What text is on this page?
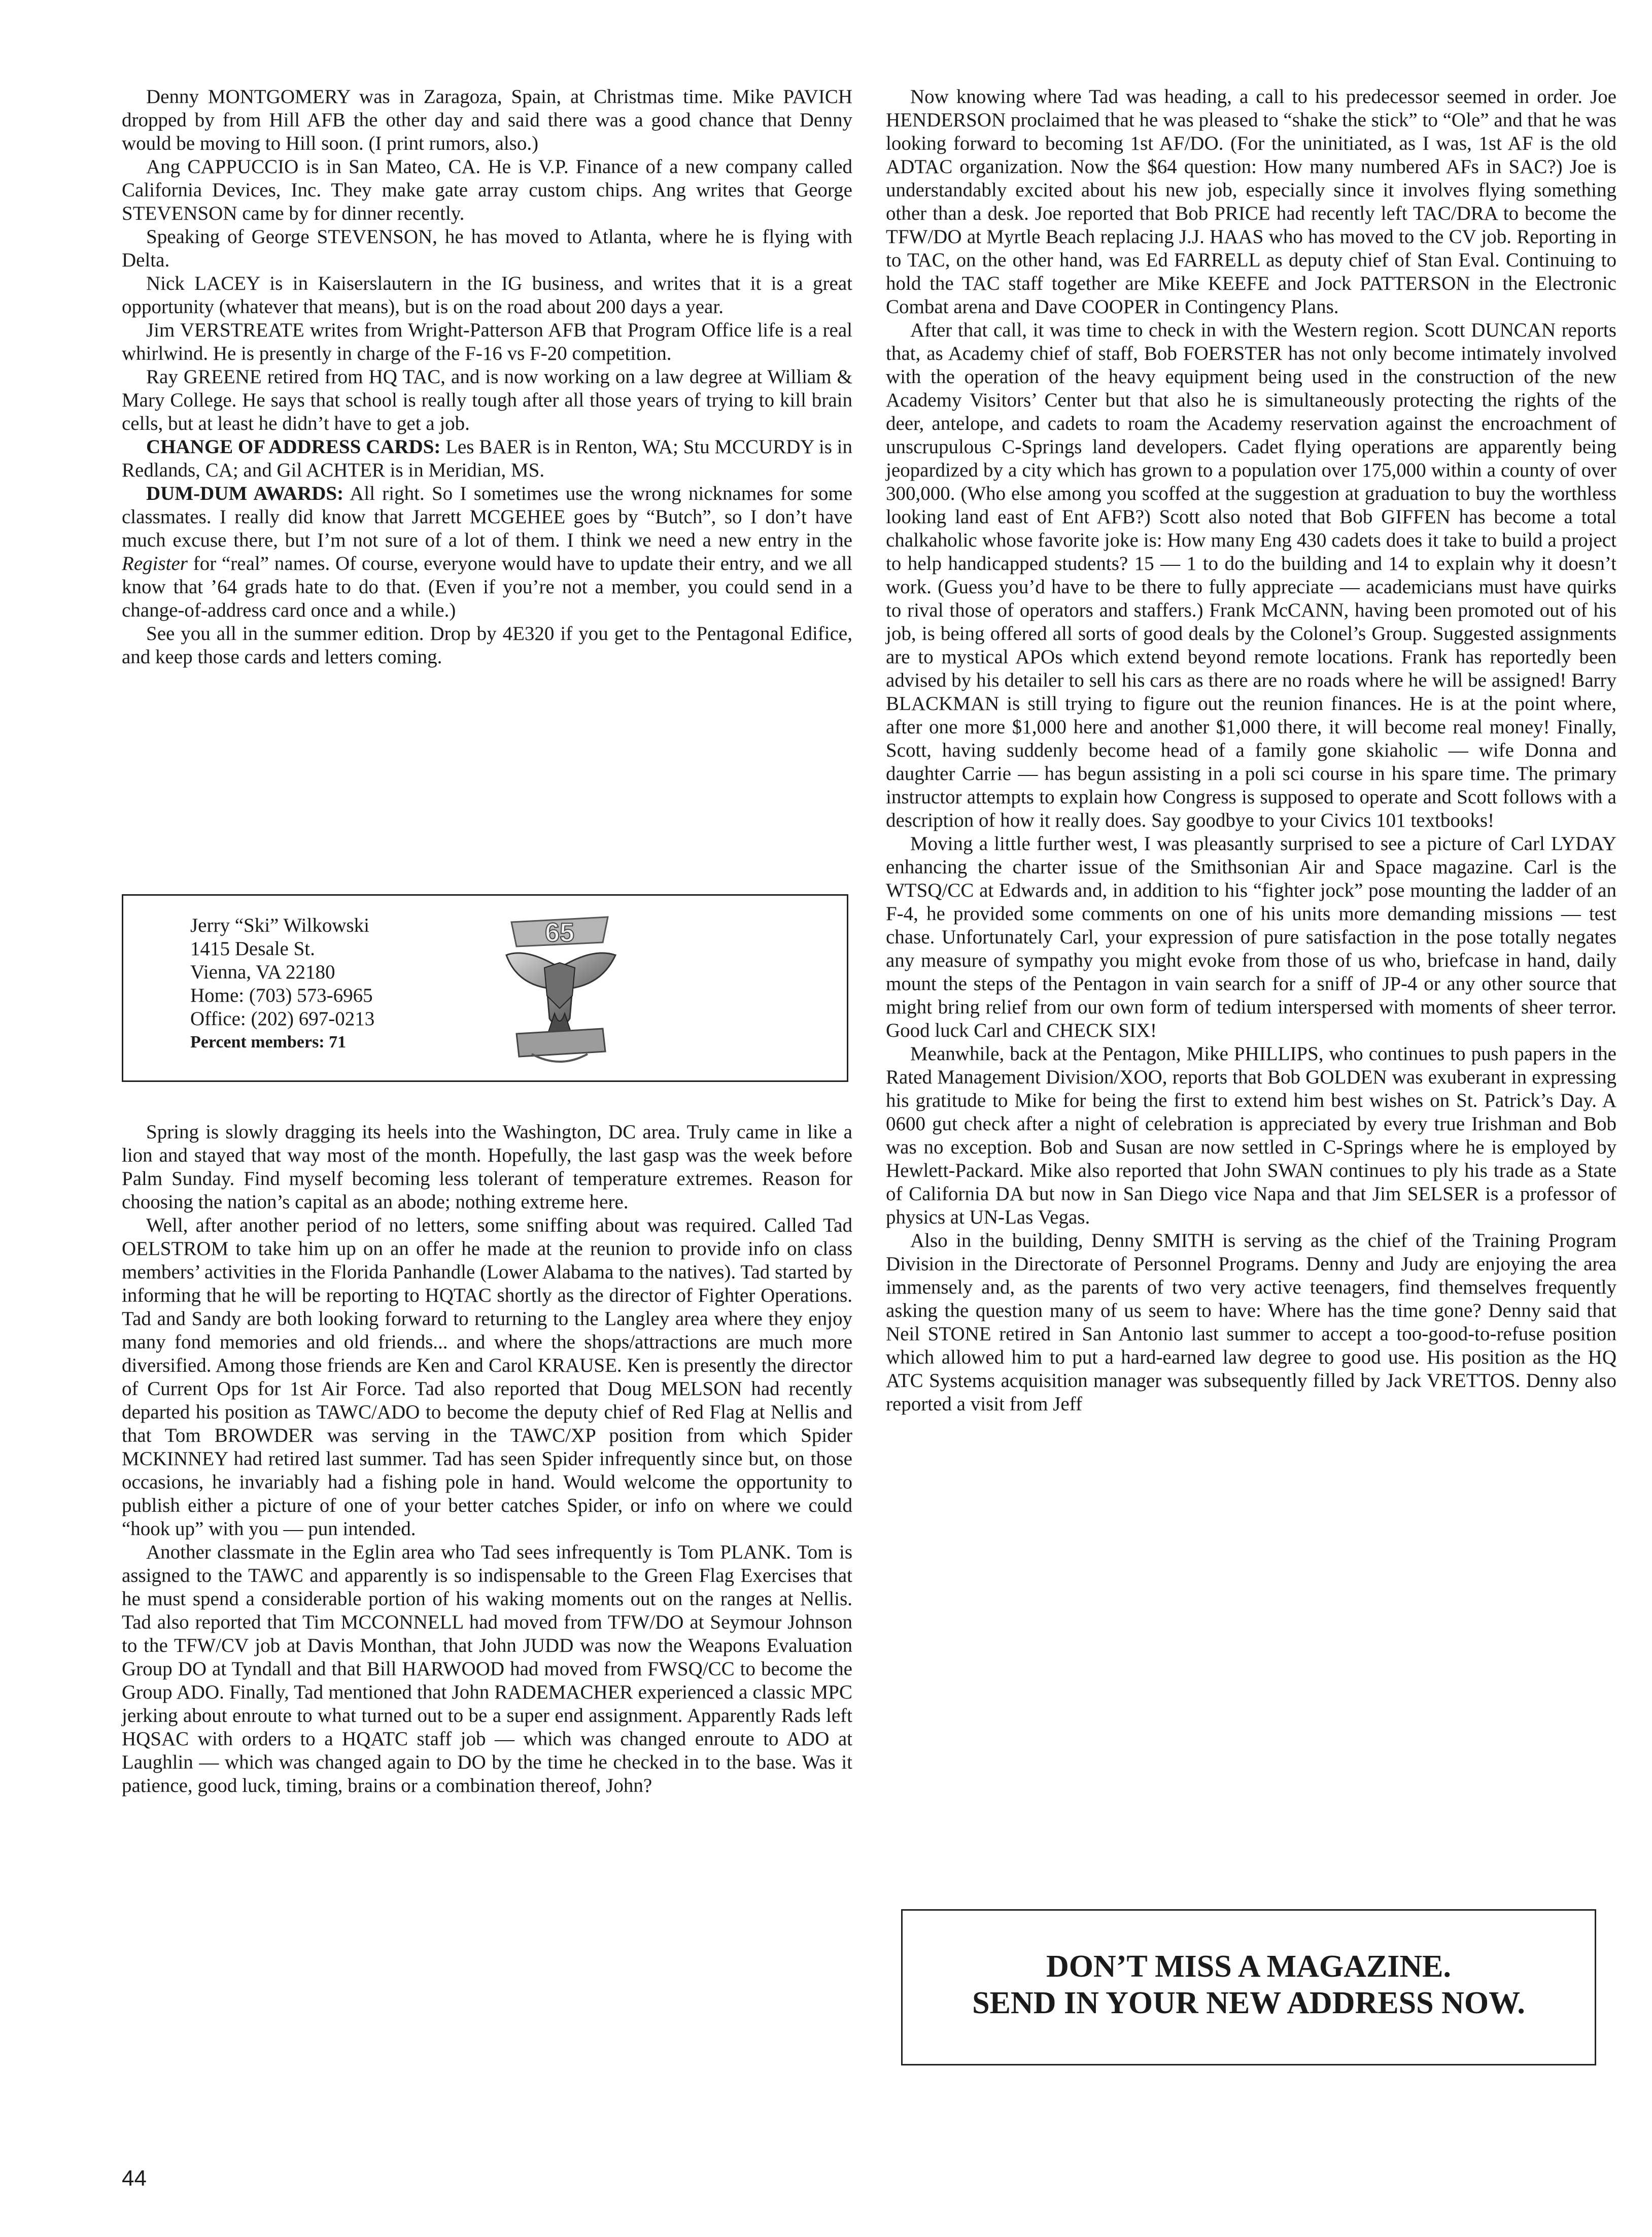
Denny MONTGOMERY was in Zaragoza, Spain, at Christmas time. Mike PAVICH dropped by from Hill AFB the other day and said there was a good chance that Denny would be moving to Hill soon. (I print rumors, also.)

Ang CAPPUCCIO is in San Mateo, CA. He is V.P. Finance of a new company called California Devices, Inc. They make gate array custom chips. Ang writes that George STEVENSON came by for dinner recently.

Speaking of George STEVENSON, he has moved to Atlanta, where he is flying with Delta.

Nick LACEY is in Kaiserslautern in the IG business, and writes that it is a great opportunity (whatever that means), but is on the road about 200 days a year.

Jim VERSTREATE writes from Wright-Patterson AFB that Program Office life is a real whirlwind. He is presently in charge of the F-16 vs F-20 competition.

Ray GREENE retired from HQ TAC, and is now working on a law degree at William & Mary College. He says that school is really tough after all those years of trying to kill brain cells, but at least he didn’t have to get a job.

CHANGE OF ADDRESS CARDS: Les BAER is in Renton, WA; Stu MCCURDY is in Redlands, CA; and Gil ACHTER is in Meridian, MS.

DUM-DUM AWARDS: All right. So I sometimes use the wrong nicknames for some classmates. I really did know that Jarrett MCGEHEE goes by “Butch”, so I don’t have much excuse there, but I’m not sure of a lot of them. I think we need a new entry in the Register for “real” names. Of course, everyone would have to update their entry, and we all know that ’64 grads hate to do that. (Even if you’re not a member, you could send in a change-of-address card once and a while.)

See you all in the summer edition. Drop by 4E320 if you get to the Pentagonal Edifice, and keep those cards and letters coming.

Jerry “Ski” Wilkowski
1415 Desale St.
Vienna, VA 22180
Home: (703) 573-6965
Office: (202) 697-0213
Percent members: 71
65

Spring is slowly dragging its heels into the Washington, DC area. Truly came in like a lion and stayed that way most of the month. Hopefully, the last gasp was the week before Palm Sunday. Find myself becoming less tolerant of temperature extremes. Reason for choosing the nation’s capital as an abode; nothing extreme here.

Well, after another period of no letters, some sniffing about was required. Called Tad OELSTROM to take him up on an offer he made at the reunion to provide info on class members’ activities in the Florida Panhandle (Lower Alabama to the natives). Tad started by informing that he will be reporting to HQTAC shortly as the director of Fighter Operations. Tad and Sandy are both looking forward to returning to the Langley area where they enjoy many fond memories and old friends... and where the shops/attractions are much more diversified. Among those friends are Ken and Carol KRAUSE. Ken is presently the director of Current Ops for 1st Air Force. Tad also reported that Doug MELSON had recently departed his position as TAWC/ADO to become the deputy chief of Red Flag at Nellis and that Tom BROWDER was serving in the TAWC/XP position from which Spider MCKINNEY had retired last summer. Tad has seen Spider infrequently since but, on those occasions, he invariably had a fishing pole in hand. Would welcome the opportunity to publish either a picture of one of your better catches Spider, or info on where we could “hook up” with you — pun intended.

Another classmate in the Eglin area who Tad sees infrequently is Tom PLANK. Tom is assigned to the TAWC and apparently is so indispensable to the Green Flag Exercises that he must spend a considerable portion of his waking moments out on the ranges at Nellis. Tad also reported that Tim MCCONNELL had moved from TFW/DO at Seymour Johnson to the TFW/CV job at Davis Monthan, that John JUDD was now the Weapons Evaluation Group DO at Tyndall and that Bill HARWOOD had moved from FWSQ/CC to become the Group ADO. Finally, Tad mentioned that John RADEMACHER experienced a classic MPC jerking about enroute to what turned out to be a super end assignment. Apparently Rads left HQSAC with orders to a HQATC staff job — which was changed enroute to ADO at Laughlin — which was changed again to DO by the time he checked in to the base. Was it patience, good luck, timing, brains or a combination thereof, John?

Now knowing where Tad was heading, a call to his predecessor seemed in order. Joe HENDERSON proclaimed that he was pleased to “shake the stick” to “Ole” and that he was looking forward to becoming 1st AF/DO. (For the uninitiated, as I was, 1st AF is the old ADTAC organization. Now the $64 question: How many numbered AFs in SAC?) Joe is understandably excited about his new job, especially since it involves flying something other than a desk. Joe reported that Bob PRICE had recently left TAC/DRA to become the TFW/DO at Myrtle Beach replacing J.J. HAAS who has moved to the CV job. Reporting in to TAC, on the other hand, was Ed FARRELL as deputy chief of Stan Eval. Continuing to hold the TAC staff together are Mike KEEFE and Jock PATTERSON in the Electronic Combat arena and Dave COOPER in Contingency Plans.

After that call, it was time to check in with the Western region. Scott DUNCAN reports that, as Academy chief of staff, Bob FOERSTER has not only become intimately involved with the operation of the heavy equipment being used in the construction of the new Academy Visitors’ Center but that also he is simultaneously protecting the rights of the deer, antelope, and cadets to roam the Academy reservation against the encroachment of unscrupulous C-Springs land developers. Cadet flying operations are apparently being jeopardized by a city which has grown to a population over 175,000 within a county of over 300,000. (Who else among you scoffed at the suggestion at graduation to buy the worthless looking land east of Ent AFB?) Scott also noted that Bob GIFFEN has become a total chalkaholic whose favorite joke is: How many Eng 430 cadets does it take to build a project to help handicapped students? 15 — 1 to do the building and 14 to explain why it doesn’t work. (Guess you’d have to be there to fully appreciate — academicians must have quirks to rival those of operators and staffers.) Frank McCANN, having been promoted out of his job, is being offered all sorts of good deals by the Colonel’s Group. Suggested assignments are to mystical APOs which extend beyond remote locations. Frank has reportedly been advised by his detailer to sell his cars as there are no roads where he will be assigned! Barry BLACKMAN is still trying to figure out the reunion finances. He is at the point where, after one more $1,000 here and another $1,000 there, it will become real money! Finally, Scott, having suddenly become head of a family gone skiaholic — wife Donna and daughter Carrie — has begun assisting in a poli sci course in his spare time. The primary instructor attempts to explain how Congress is supposed to operate and Scott follows with a description of how it really does. Say goodbye to your Civics 101 textbooks!

Moving a little further west, I was pleasantly surprised to see a picture of Carl LYDAY enhancing the charter issue of the Smithsonian Air and Space magazine. Carl is the WTSQ/CC at Edwards and, in addition to his “fighter jock” pose mounting the ladder of an F-4, he provided some comments on one of his units more demanding missions — test chase. Unfortunately Carl, your expression of pure satisfaction in the pose totally negates any measure of sympathy you might evoke from those of us who, briefcase in hand, daily mount the steps of the Pentagon in vain search for a sniff of JP-4 or any other source that might bring relief from our own form of tedium interspersed with moments of sheer terror. Good luck Carl and CHECK SIX!

Meanwhile, back at the Pentagon, Mike PHILLIPS, who continues to push papers in the Rated Management Division/XOO, reports that Bob GOLDEN was exuberant in expressing his gratitude to Mike for being the first to extend him best wishes on St. Patrick’s Day. A 0600 gut check after a night of celebration is appreciated by every true Irishman and Bob was no exception. Bob and Susan are now settled in C-Springs where he is employed by Hewlett-Packard. Mike also reported that John SWAN continues to ply his trade as a State of California DA but now in San Diego vice Napa and that Jim SELSER is a professor of physics at UN-Las Vegas.

Also in the building, Denny SMITH is serving as the chief of the Training Program Division in the Directorate of Personnel Programs. Denny and Judy are enjoying the area immensely and, as the parents of two very active teenagers, find themselves frequently asking the question many of us seem to have: Where has the time gone? Denny said that Neil STONE retired in San Antonio last summer to accept a too-good-to-refuse position which allowed him to put a hard-earned law degree to good use. His position as the HQ ATC Systems acquisition manager was subsequently filled by Jack VRETTOS. Denny also reported a visit from Jeff

DON’T MISS A MAGAZINE.
SEND IN YOUR NEW ADDRESS NOW.
44
